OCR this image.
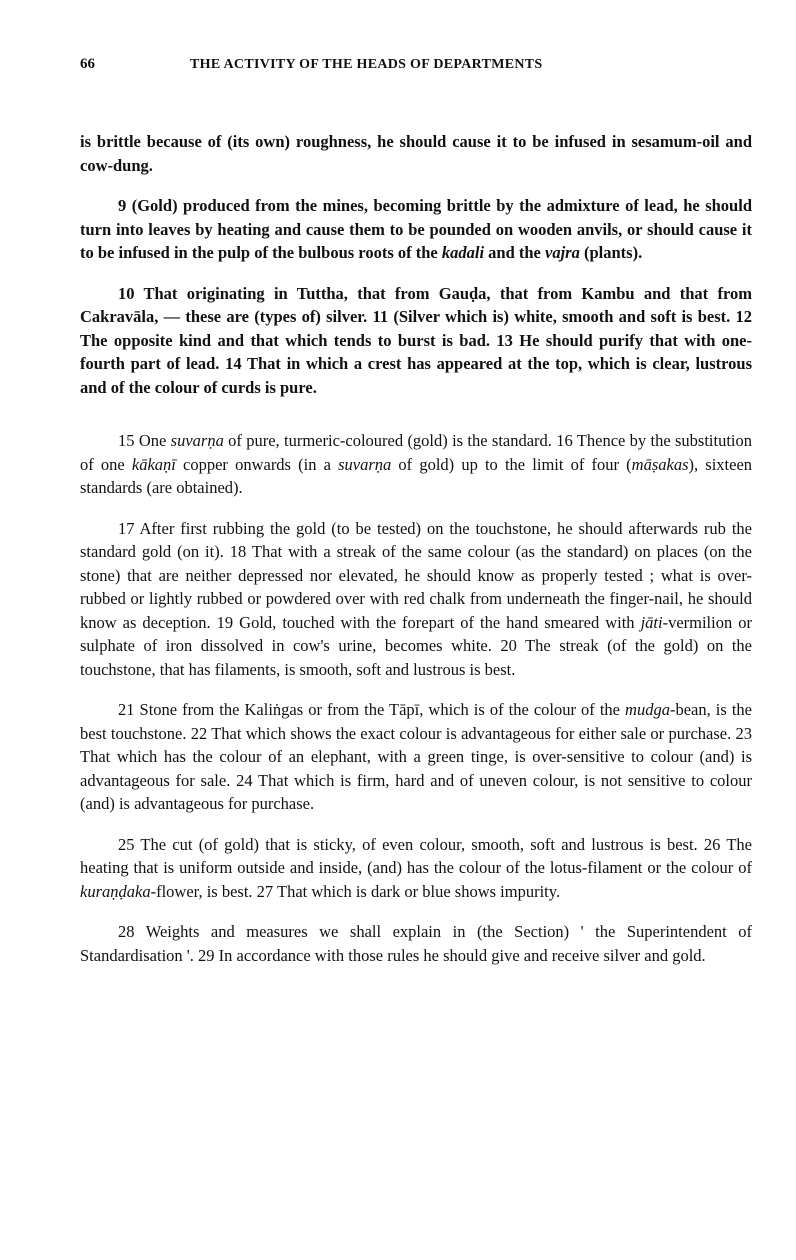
66	THE ACTIVITY OF THE HEADS OF DEPARTMENTS

is brittle because of (its own) roughness, he should cause it to be infused in sesamum-oil and cow-dung.

9 (Gold) produced from the mines, becoming brittle by the admixture of lead, he should turn into leaves by heating and cause them to be pounded on wooden anvils, or should cause it to be infused in the pulp of the bulbous roots of the kadali and the vajra (plants).

10 That originating in Tuttha, that from Gauḍa, that from Kambu and that from Cakravāla, — these are (types of) silver. 11 (Silver which is) white, smooth and soft is best. 12 The opposite kind and that which tends to burst is bad. 13 He should purify that with one-fourth part of lead. 14 That in which a crest has appeared at the top, which is clear, lustrous and of the colour of curds is pure.

15 One suvarṇa of pure, turmeric-coloured (gold) is the standard. 16 Thence by the substitution of one kākaṇī copper onwards (in a suvarṇa of gold) up to the limit of four (māṣakas), sixteen standards (are obtained).

17 After first rubbing the gold (to be tested) on the touchstone, he should afterwards rub the standard gold (on it). 18 That with a streak of the same colour (as the standard) on places (on the stone) that are neither depressed nor elevated, he should know as properly tested ; what is over-rubbed or lightly rubbed or powdered over with red chalk from underneath the finger-nail, he should know as deception. 19 Gold, touched with the forepart of the hand smeared with jāti-vermilion or sulphate of iron dissolved in cow's urine, becomes white. 20 The streak (of the gold) on the touchstone, that has filaments, is smooth, soft and lustrous is best.

21 Stone from the Kaliṅgas or from the Tāpī, which is of the colour of the mudga-bean, is the best touchstone. 22 That which shows the exact colour is advantageous for either sale or purchase. 23 That which has the colour of an elephant, with a green tinge, is over-sensitive to colour (and) is advantageous for sale. 24 That which is firm, hard and of uneven colour, is not sensitive to colour (and) is advantageous for purchase.

25 The cut (of gold) that is sticky, of even colour, smooth, soft and lustrous is best. 26 The heating that is uniform outside and inside, (and) has the colour of the lotus-filament or the colour of kuraṇḍaka-flower, is best. 27 That which is dark or blue shows impurity.

28 Weights and measures we shall explain in (the Section) ' the Superintendent of Standardisation '. 29 In accordance with those rules he should give and receive silver and gold.
